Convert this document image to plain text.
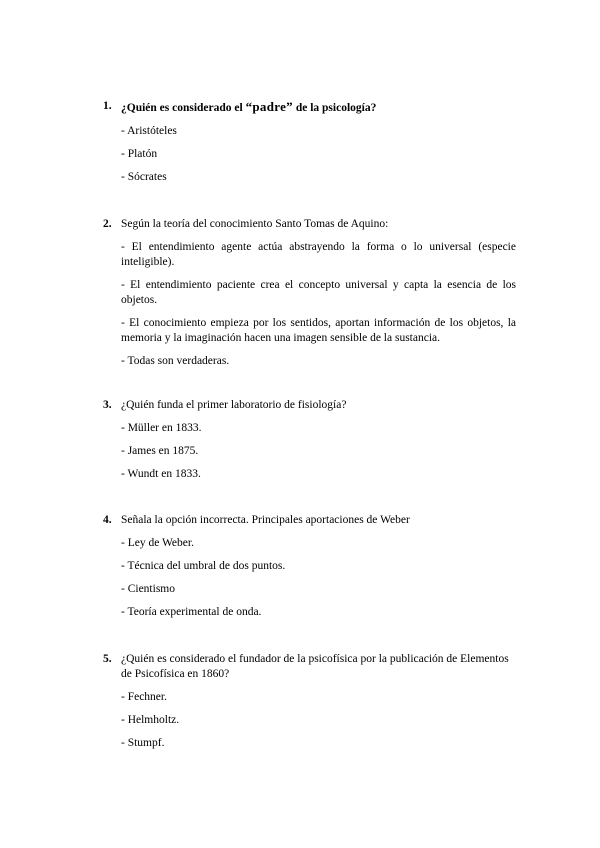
1. ¿Quién es considerado el “padre” de la psicología?
- Aristóteles
- Platón
- Sócrates
2. Según la teoría del conocimiento Santo Tomas de Aquino:
- El entendimiento agente actúa abstrayendo la forma o lo universal (especie inteligible).
- El entendimiento paciente crea el concepto universal y capta la esencia de los objetos.
- El conocimiento empieza por los sentidos, aportan información de los objetos, la memoria y la imaginación hacen una imagen sensible de la sustancia.
- Todas son verdaderas.
3. ¿Quién funda el primer laboratorio de fisiología?
- Müller en 1833.
- James en 1875.
- Wundt en 1833.
4. Señala la opción incorrecta. Principales aportaciones de Weber
- Ley de Weber.
- Técnica del umbral de dos puntos.
- Cientismo
- Teoría experimental de onda.
5. ¿Quién es considerado el fundador de la psicofísica por la publicación de Elementos de Psicofísica en 1860?
- Fechner.
- Helmholtz.
- Stumpf.
